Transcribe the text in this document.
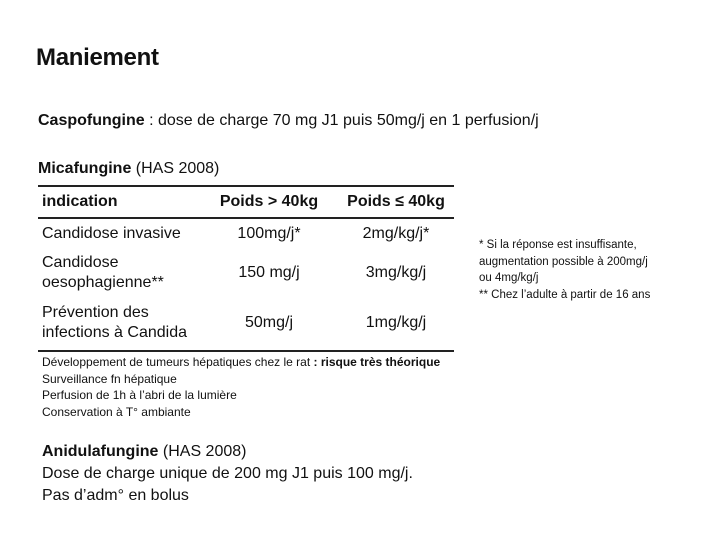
Maniement
Caspofungine : dose de charge 70 mg J1 puis 50mg/j en 1 perfusion/j
Micafungine (HAS 2008)
indication	Poids > 40kg	Poids ≤ 40kg
Candidose invasive	100mg/j*	2mg/kg/j*
Candidose
oesophagienne**	150 mg/j	3mg/kg/j
Prévention des
infections à Candida	50mg/j	1mg/kg/j
Développement de tumeurs hépatiques chez le rat : risque très théorique
Surveillance fn hépatique
Perfusion de 1h à l’abri de la lumière
Conservation à T° ambiante
* Si la réponse est insuffisante,
augmentation possible à 200mg/j
ou 4mg/kg/j
** Chez l’adulte à partir de 16 ans
Anidulafungine (HAS 2008)
Dose de charge unique de 200 mg J1 puis 100 mg/j.
Pas d’adm° en bolus
